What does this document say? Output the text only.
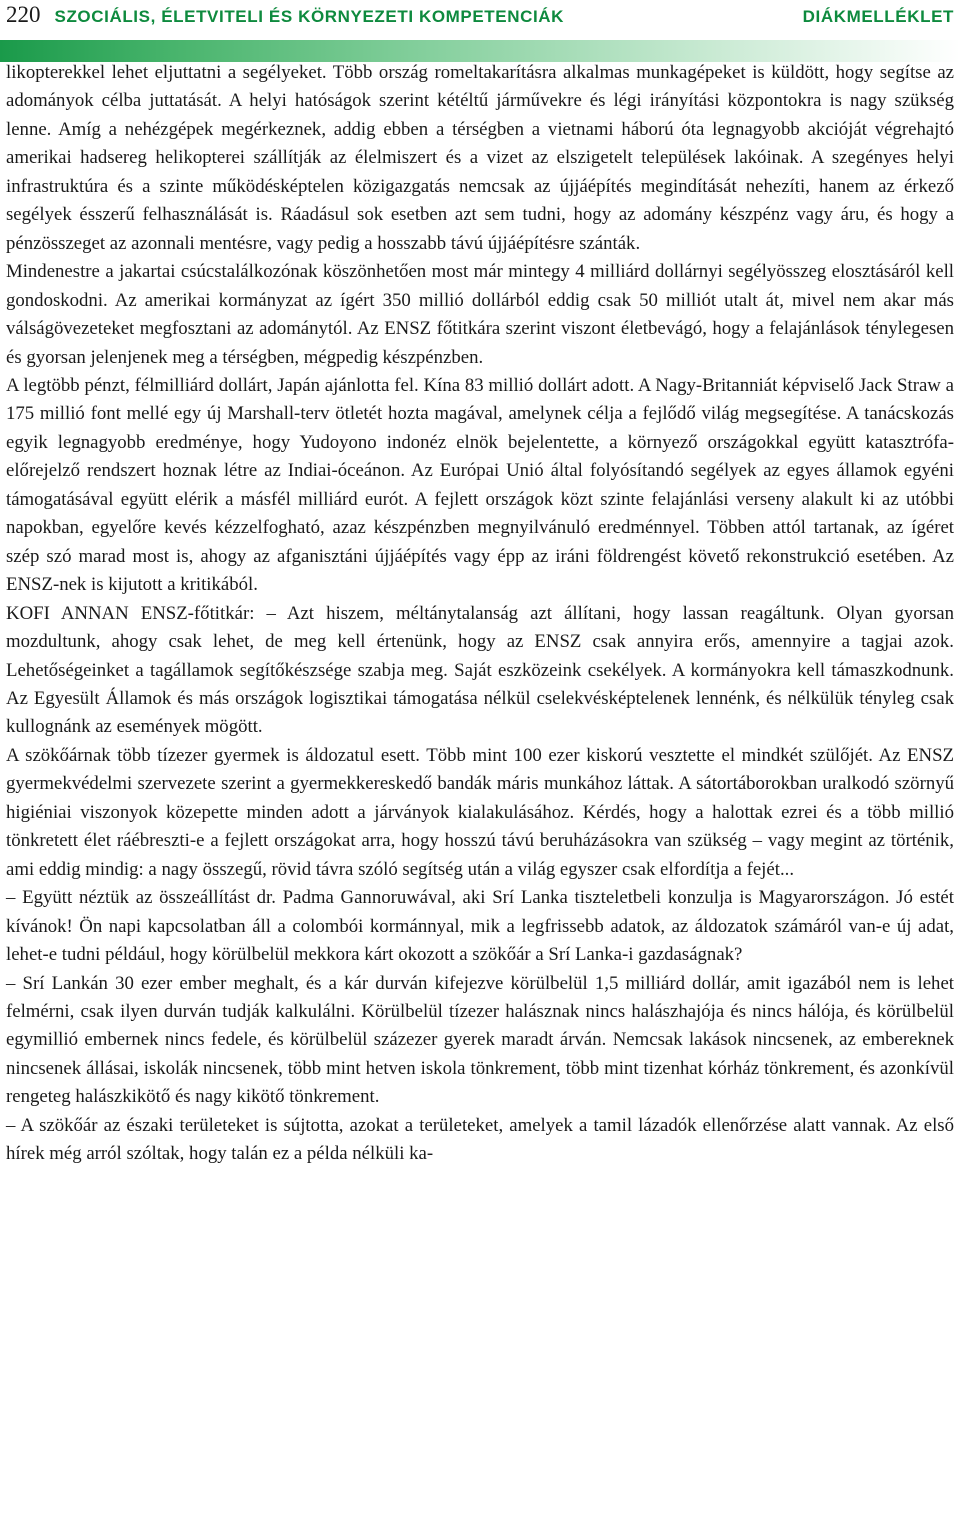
220 SZOCIÁLIS, ÉLETVITELI ÉS KÖRNYEZETI KOMPETENCIÁK	DIÁKMELLÉKLET

likopterekkel lehet eljuttatni a segélyeket. Több ország romeltakarításra alkalmas munkagépeket is küldött, hogy segítse az adományok célba juttatását. A helyi hatóságok szerint kétéltű járművekre és légi irányítási központokra is nagy szükség lenne. Amíg a nehézgépek megérkeznek, addig ebben a térségben a vietnami háború óta legnagyobb akcióját végrehajtó amerikai hadsereg helikopterei szállítják az élelmiszert és a vizet az elszigetelt települések lakóinak. A szegényes helyi infrastruktúra és a szinte működésképtelen közigazgatás nemcsak az újjáépítés megindítását nehezíti, hanem az érkező segélyek ésszerű felhasználását is. Ráadásul sok esetben azt sem tudni, hogy az adomány készpénz vagy áru, és hogy a pénzösszeget az azonnali mentésre, vagy pedig a hosszabb távú újjáépítésre szánták.

Mindenestre a jakartai csúcstalálkozónak köszönhetően most már mintegy 4 milliárd dollárnyi segélyösszeg elosztásáról kell gondoskodni. Az amerikai kormányzat az ígért 350 millió dollárból eddig csak 50 milliót utalt át, mivel nem akar más válságövezeteket megfosztani az adománytól. Az ENSZ főtitkára szerint viszont életbevágó, hogy a felajánlások ténylegesen és gyorsan jelenjenek meg a térségben, mégpedig készpénzben.

A legtöbb pénzt, félmilliárd dollárt, Japán ajánlotta fel. Kína 83 millió dollárt adott. A Nagy-Britanniát képviselő Jack Straw a 175 millió font mellé egy új Marshall-terv ötletét hozta magával, amelynek célja a fejlődő világ megsegítése. A tanácskozás egyik legnagyobb eredménye, hogy Yudoyono indonéz elnök bejelentette, a környező országokkal együtt katasztrófa-előrejelző rendszert hoznak létre az Indiai-óceánon. Az Európai Unió által folyósítandó segélyek az egyes államok egyéni támogatásával együtt elérik a másfél milliárd eurót. A fejlett országok közt szinte felajánlási verseny alakult ki az utóbbi napokban, egyelőre kevés kézzelfogható, azaz készpénzben megnyilvánuló eredménnyel. Többen attól tartanak, az ígéret szép szó marad most is, ahogy az afganisztáni újjáépítés vagy épp az iráni földrengést követő rekonstrukció esetében. Az ENSZ-nek is kijutott a kritikából.

KOFI ANNAN ENSZ-főtitkár: – Azt hiszem, méltánytalanság azt állítani, hogy lassan reagáltunk. Olyan gyorsan mozdultunk, ahogy csak lehet, de meg kell értenünk, hogy az ENSZ csak annyira erős, amennyire a tagjai azok. Lehetőségeinket a tagállamok segítőkészsége szabja meg. Saját eszközeink csekélyek. A kormányokra kell támaszkodnunk. Az Egyesült Államok és más országok logisztikai támogatása nélkül cselekvésképtelenek lennénk, és nélkülük tényleg csak kullognánk az események mögött.

A szökőárnak több tízezer gyermek is áldozatul esett. Több mint 100 ezer kiskorú vesztette el mindkét szülőjét. Az ENSZ gyermekvédelmi szervezete szerint a gyermekkereskedő bandák máris munkához láttak. A sátortáborokban uralkodó szörnyű higiéniai viszonyok közepette minden adott a járványok kialakulásához. Kérdés, hogy a halottak ezrei és a több millió tönkretett élet ráébreszti-e a fejlett országokat arra, hogy hosszú távú beruházásokra van szükség – vagy megint az történik, ami eddig mindig: a nagy összegű, rövid távra szóló segítség után a világ egyszer csak elfordítja a fejét...

– Együtt néztük az összeállítást dr. Padma Gannoruwával, aki Srí Lanka tiszteletbeli konzulja is Magyarországon. Jó estét kívánok! Ön napi kapcsolatban áll a colombói kormánnyal, mik a legfrissebb adatok, az áldozatok számáról van-e új adat, lehet-e tudni például, hogy körülbelül mekkora kárt okozott a szökőár a Srí Lanka-i gazdaságnak?

– Srí Lankán 30 ezer ember meghalt, és a kár durván kifejezve körülbelül 1,5 milliárd dollár, amit igazából nem is lehet felmérni, csak ilyen durván tudják kalkulálni. Körülbelül tízezer halásznak nincs halászhajója és nincs hálója, és körülbelül egymillió embernek nincs fedele, és körülbelül százezer gyerek maradt árván. Nemcsak lakások nincsenek, az embereknek nincsenek állásai, iskolák nincsenek, több mint hetven iskola tönkrement, több mint tizenhat kórház tönkrement, és azonkívül rengeteg halászkikötő és nagy kikötő tönkrement.

– A szökőár az északi területeket is sújtotta, azokat a területeket, amelyek a tamil lázadók ellenőrzése alatt vannak. Az első hírek még arról szóltak, hogy talán ez a példa nélküli ka-
